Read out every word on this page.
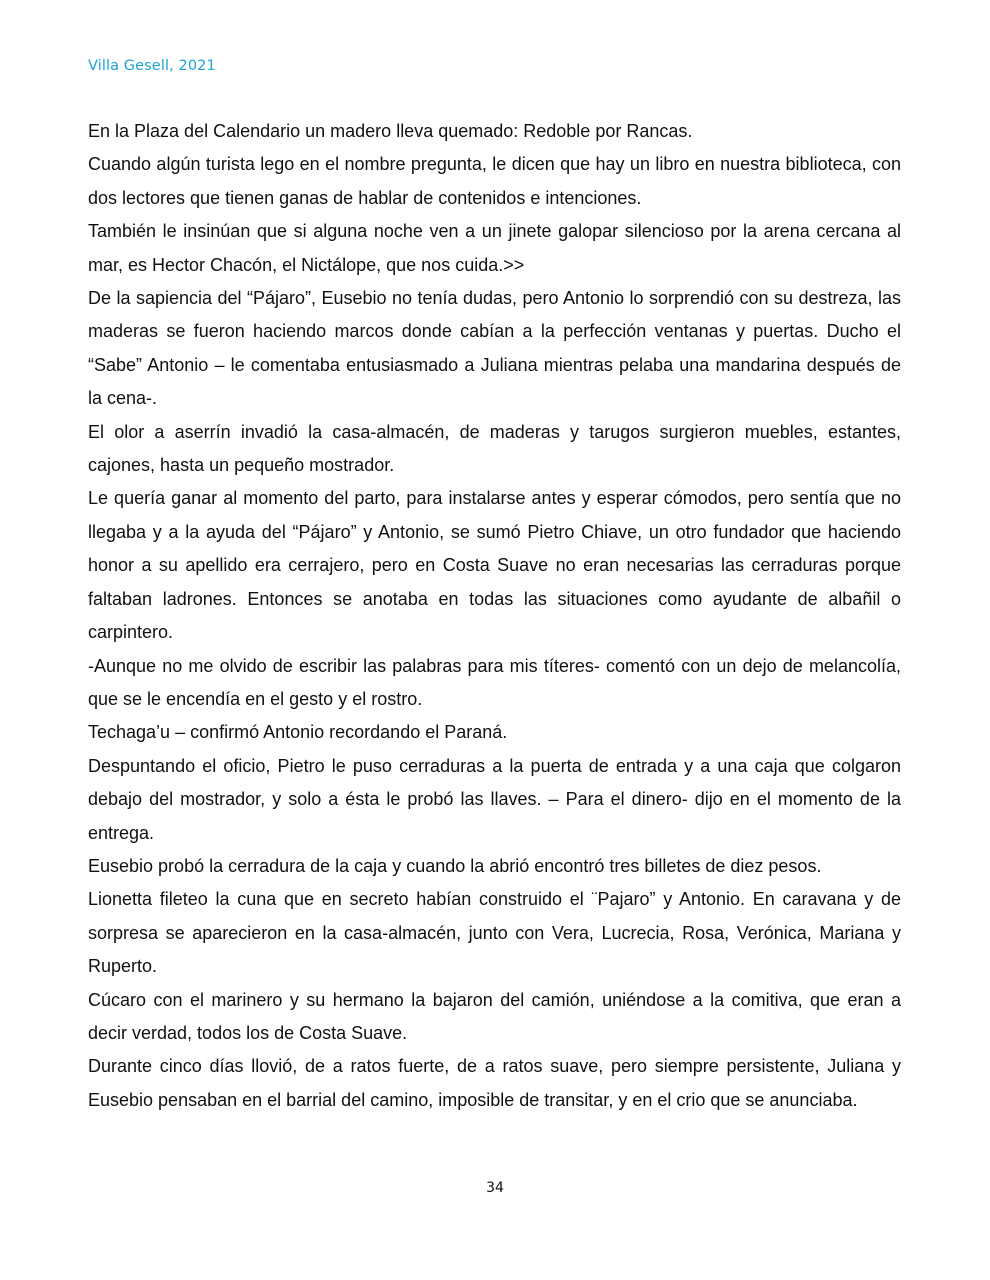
Villa Gesell, 2021

En la Plaza del Calendario un madero lleva quemado: Redoble por Rancas.

Cuando algún turista lego en el nombre pregunta, le dicen que hay un libro en nuestra biblioteca, con dos lectores que tienen ganas de hablar de contenidos e intenciones.

También le insinúan que si alguna noche ven a un jinete galopar silencioso por la arena cercana al mar, es Hector Chacón, el Nictálope, que nos cuida.>>

De la sapiencia del “Pájaro”, Eusebio no tenía dudas, pero Antonio lo sorprendió con su destreza, las maderas se fueron haciendo marcos donde cabían a la perfección ventanas y puertas. Ducho el “Sabe” Antonio – le comentaba entusiasmado a Juliana mientras pelaba una mandarina después de la cena-.

El olor a aserrín invadió la casa-almacén, de maderas y tarugos surgieron muebles, estantes, cajones, hasta un pequeño mostrador.

Le quería ganar al momento del parto, para instalarse antes y esperar cómodos, pero sentía que no llegaba y a la ayuda del “Pájaro” y Antonio, se sumó Pietro Chiave, un otro fundador que haciendo honor a su apellido era cerrajero, pero en Costa Suave no eran necesarias las cerraduras porque faltaban ladrones. Entonces se anotaba en todas las situaciones como ayudante de albañil o carpintero.

-Aunque no me olvido de escribir las palabras para mis títeres- comentó con un dejo de melancolía, que se le encendía en el gesto y el rostro.

Techaga’u – confirmó Antonio recordando el Paraná.

Despuntando el oficio, Pietro le puso cerraduras a la puerta de entrada y a una caja que colgaron debajo del mostrador, y solo a ésta le probó las llaves. – Para el dinero- dijo en el momento de la entrega.

Eusebio probó la cerradura de la caja y cuando la abrió encontró tres billetes de diez pesos.

Lionetta fileteo la cuna que en secreto habían construido el ¨Pajaro” y Antonio. En caravana y de sorpresa se aparecieron en la casa-almacén, junto con Vera, Lucrecia, Rosa, Verónica, Mariana y Ruperto.

Cúcaro con el marinero y su hermano la bajaron del camión, uniéndose a la comitiva, que eran a decir verdad, todos los de Costa Suave.

Durante cinco días llovió, de a ratos fuerte, de a ratos suave, pero siempre persistente, Juliana y Eusebio pensaban en el barrial del camino, imposible de transitar, y en el crio que se anunciaba.

34
